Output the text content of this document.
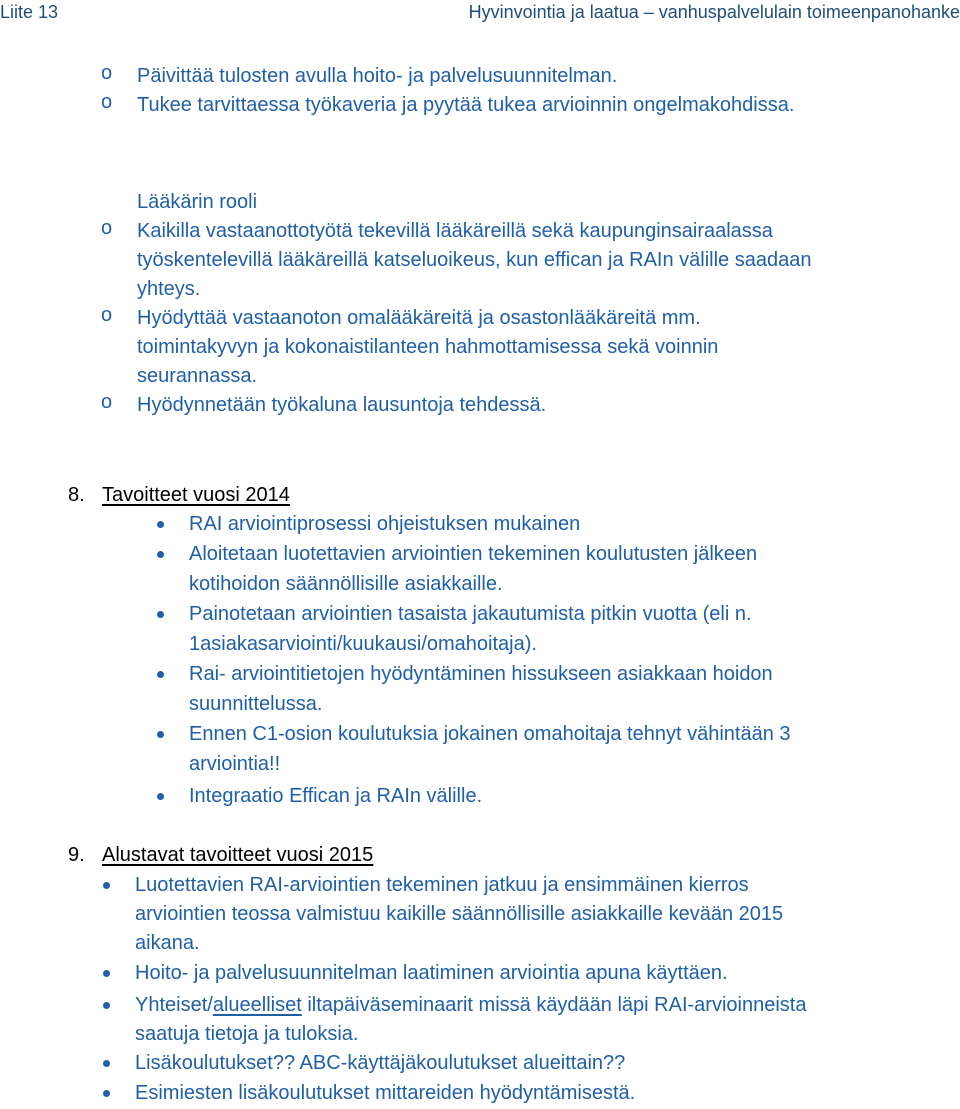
Liite 13	Hyvinvointia ja laatua – vanhuspalvelulain toimeenpanohanke
o Päivittää tulosten avulla hoito- ja palvelusuunnitelman.
o Tukee tarvittaessa työkaveria ja pyytää tukea arvioinnin ongelmakohdissa.
Lääkärin rooli
o Kaikilla vastaanottotyötä tekevillä lääkäreillä sekä kaupunginsairaalassa
työskentelevillä lääkäreillä katseluoikeus, kun effican ja RAIn välille saadaan
yhteys.
o Hyödyttää vastaanoton omalääkäreitä ja osastonlääkäreitä mm.
toimintakyvyn ja kokonaistilanteen hahmottamisessa sekä voinnin
seurannassa.
o Hyödynnetään työkaluna lausuntoja tehdessä.
8. Tavoitteet vuosi 2014
RAI arviointiprosessi ohjeistuksen mukainen
Aloitetaan luotettavien arviointien tekeminen koulutusten jälkeen
kotihoidon säännöllisille asiakkaille.
Painotetaan arviointien tasaista jakautumista pitkin vuotta (eli n.
1asiakasarviointi/kuukausi/omahoitaja).
Rai- arviointitietojen hyödyntäminen hissukseen asiakkaan hoidon
suunnittelussa.
Ennen C1-osion koulutuksia jokainen omahoitaja tehnyt vähintään 3
arviointia!!
Integraatio Effican ja RAIn välille.
9. Alustavat tavoitteet vuosi 2015
Luotettavien RAI-arviointien tekeminen jatkuu ja ensimmäinen kierros
arviointien teossa valmistuu kaikille säännöllisille asiakkaille kevään 2015
aikana.
Hoito- ja palvelusuunnitelman laatiminen arviointia apuna käyttäen.
Yhteiset/alueelliset iltapäiväseminaarit missä käydään läpi RAI-arvioinneista
saatuja tietoja ja tuloksia.
Lisäkoulutukset?? ABC-käyttäjäkoulutukset alueittain??
Esimiesten lisäkoulutukset mittareiden hyödyntämisestä.
